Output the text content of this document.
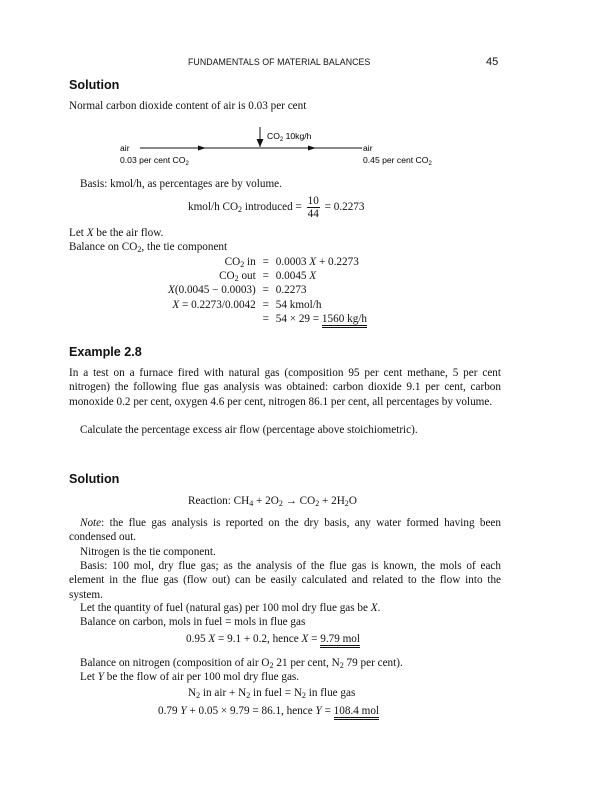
FUNDAMENTALS OF MATERIAL BALANCES	45
Solution
Normal carbon dioxide content of air is 0.03 per cent
$CO_2$ 10kg/h
air
0.03 per cent $CO_2$
air
0.45 per cent $CO_2$
Basis: kmol/h, as percentages are by volume.
kmol/h $CO_2$ introduced = $\frac{10}{44} = 0.2273$
Let X be the air flow.
Balance on $CO_2$, the tie component
$CO_2$ in	=	0.0003 X + 0.2273
$CO_2$ out	=	0.0045 X
X(0.0045 − 0.0003)	=	0.2273
X = 0.2273/0.0042	=	54 kmol/h
	=	54 × 29 = 1560 kg/h
Example 2.8
In a test on a furnace fired with natural gas (composition 95 per cent methane, 5 per cent nitrogen) the following flue gas analysis was obtained: carbon dioxide 9.1 per cent, carbon monoxide 0.2 per cent, oxygen 4.6 per cent, nitrogen 86.1 per cent, all percentages by volume.
Calculate the percentage excess air flow (percentage above stoichiometric).
Solution
Reaction: $CH_4 + 2O_2 \to CO_2 + 2H_2O$
Note: the flue gas analysis is reported on the dry basis, any water formed having been condensed out.
Nitrogen is the tie component.
Basis: 100 mol, dry flue gas; as the analysis of the flue gas is known, the mols of each element in the flue gas (flow out) can be easily calculated and related to the flow into the system.
Let the quantity of fuel (natural gas) per 100 mol dry flue gas be X.
Balance on carbon, mols in fuel = mols in flue gas
0.95 X = 9.1 + 0.2, hence X = 9.79 mol
Balance on nitrogen (composition of air $O_2$ 21 per cent, $N_2$ 79 per cent).
Let Y be the flow of air per 100 mol dry flue gas.
$N_2$ in air + $N_2$ in fuel = $N_2$ in flue gas
0.79 Y + 0.05 × 9.79 = 86.1, hence Y = 108.4 mol
